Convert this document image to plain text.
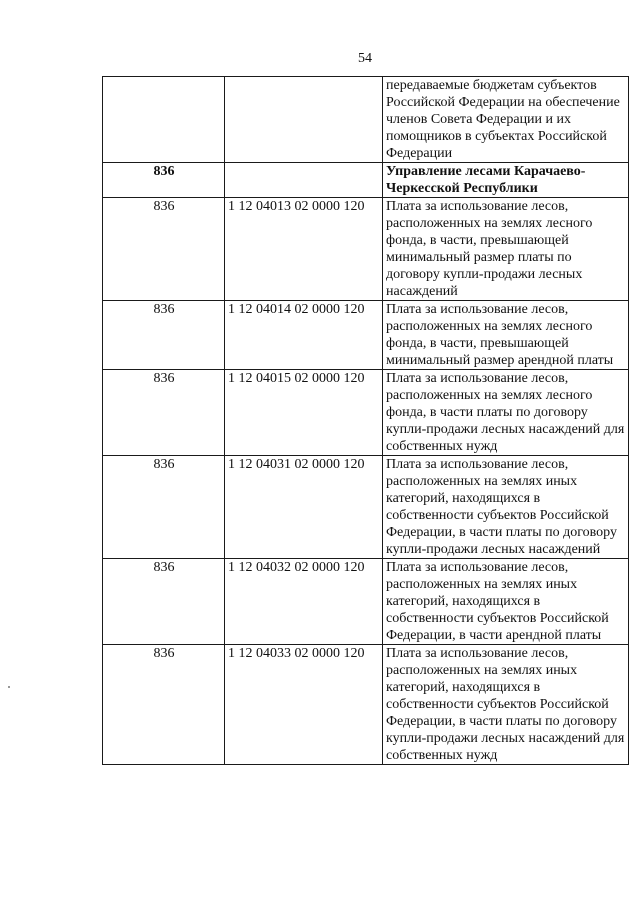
54
		передаваемые бюджетам субъектов Российской Федерации на обеспечение членов Совета Федерации и их помощников в субъектах Российской Федерации
836		Управление лесами Карачаево-Черкесской Республики
836	1 12 04013 02 0000 120	Плата за использование лесов, расположенных на землях лесного фонда, в части, превышающей минимальный размер платы по договору купли-продажи лесных насаждений
836	1 12 04014 02 0000 120	Плата за использование лесов, расположенных на землях лесного фонда, в части, превышающей минимальный размер арендной платы
836	1 12 04015 02 0000 120	Плата за использование лесов, расположенных на землях лесного фонда, в части платы по договору купли-продажи лесных насаждений для собственных нужд
836	1 12 04031 02 0000 120	Плата за использование лесов, расположенных на землях иных категорий, находящихся в собственности субъектов Российской Федерации, в части платы по договору купли-продажи лесных насаждений
836	1 12 04032 02 0000 120	Плата за использование лесов, расположенных на землях иных категорий, находящихся в собственности субъектов Российской Федерации, в части арендной платы
836	1 12 04033 02 0000 120	Плата за использование лесов, расположенных на землях иных категорий, находящихся в собственности субъектов Российской Федерации, в части платы по договору купли-продажи лесных насаждений для собственных нужд
